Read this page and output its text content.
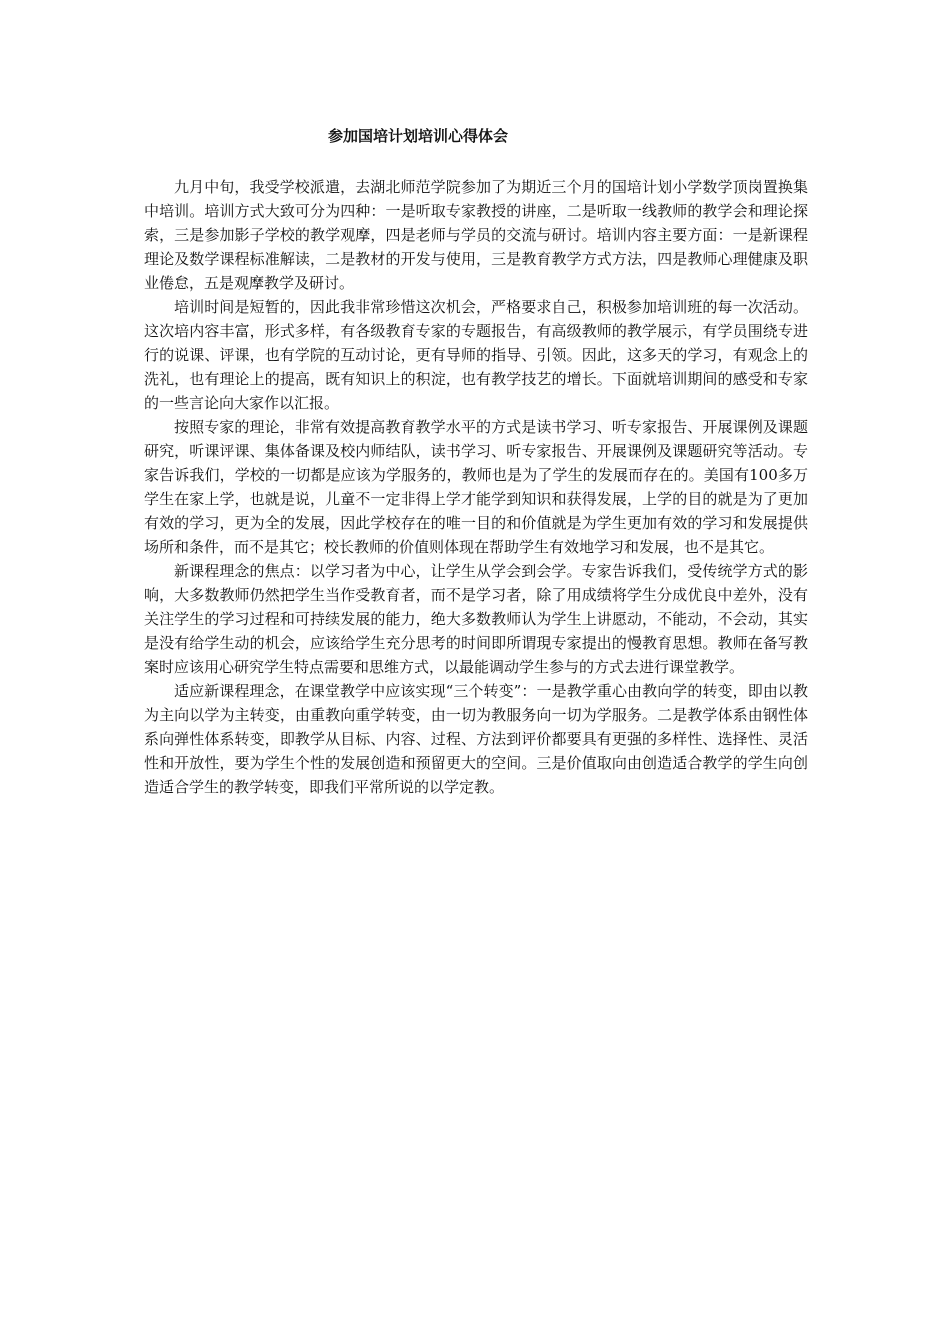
参加国培计划培训心得体会

九月中旬，我受学校派遣，去湖北师范学院参加了为期近三个月的国培计划小学数学顶岗置换集中培训。培训方式大致可分为四种：一是听取专家教授的讲座，二是听取一线教师的教学会和理论探索，三是参加影子学校的教学观摩，四是老师与学员的交流与研讨。培训内容主要方面：一是新课程理论及数学课程标准解读，二是教材的开发与使用，三是教育教学方式方法，四是教师心理健康及职业倦怠，五是观摩教学及研讨。

培训时间是短暂的，因此我非常珍惜这次机会，严格要求自己，积极参加培训班的每一次活动。这次培内容丰富，形式多样，有各级教育专家的专题报告，有高级教师的教学展示，有学员围绕专进行的说课、评课，也有学院的互动讨论，更有导师的指导、引领。因此，这多天的学习，有观念上的洗礼，也有理论上的提高，既有知识上的积淀，也有教学技艺的增长。下面就培训期间的感受和专家的一些言论向大家作以汇报。

按照专家的理论，非常有效提高教育教学水平的方式是读书学习、听专家报告、开展课例及课题研究，听课评课、集体备课及校内师结队，读书学习、听专家报告、开展课例及课题研究等活动。专家告诉我们，学校的一切都是应该为学服务的，教师也是为了学生的发展而存在的。美国有100多万学生在家上学，也就是说，儿童不一定非得上学才能学到知识和获得发展，上学的目的就是为了更加有效的学习，更为全的发展，因此学校存在的唯一目的和价值就是为学生更加有效的学习和发展提供场所和条件，而不是其它；校长教师的价值则体现在帮助学生有效地学习和发展，也不是其它。

新课程理念的焦点：以学习者为中心，让学生从学会到会学。专家告诉我们，受传统学方式的影响，大多数教师仍然把学生当作受教育者，而不是学习者，除了用成绩将学生分成优良中差外，没有关注学生的学习过程和可持续发展的能力，绝大多数教师认为学生上讲愿动，不能动，不会动，其实是没有给学生动的机会，应该给学生充分思考的时间即所谓現专家提出的慢教育思想。教师在备写教案时应该用心研究学生特点需要和思维方式，以最能调动学生参与的方式去进行课堂教学。

适应新课程理念，在课堂教学中应该实现“三个转变”：一是教学重心由教向学的转变，即由以教为主向以学为主转变，由重教向重学转变，由一切为教服务向一切为学服务。二是教学体系由钢性体系向弹性体系转变，即教学从目标、内容、过程、方法到评价都要具有更强的多样性、选择性、灵活性和开放性，要为学生个性的发展创造和预留更大的空间。三是价值取向由创造适合教学的学生向创造适合学生的教学转变，即我们平常所说的以学定教。
